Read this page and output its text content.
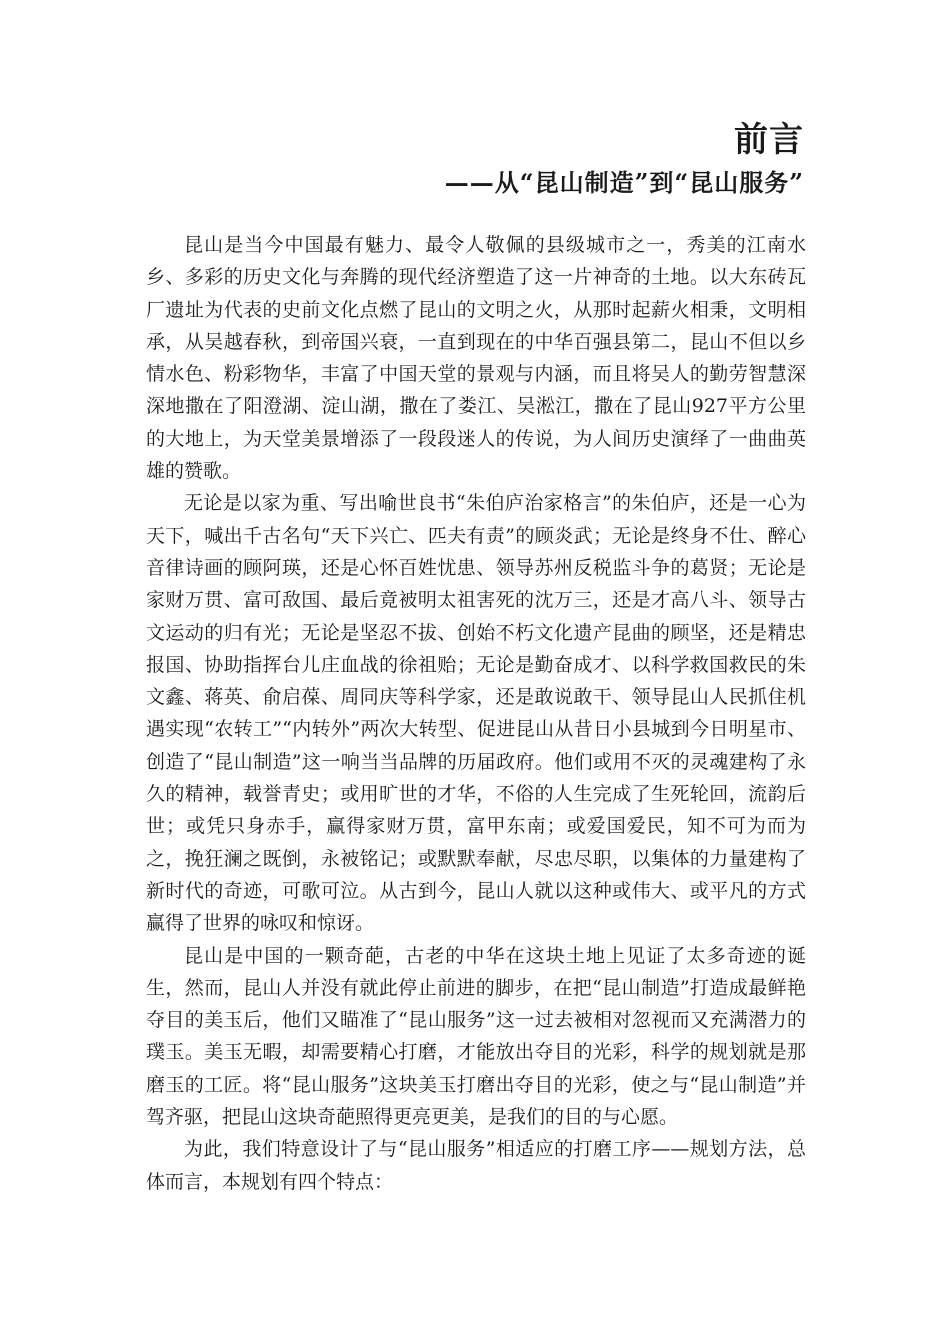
前言
——从“昆山制造”到“昆山服务”

昆山是当今中国最有魅力、最令人敬佩的县级城市之一，秀美的江南水乡、多彩的历史文化与奔腾的现代经济塑造了这一片神奇的土地。以大东砖瓦厂遗址为代表的史前文化点燃了昆山的文明之火，从那时起薪火相秉，文明相承，从吴越春秋，到帝国兴衰，一直到现在的中华百强县第二，昆山不但以乡情水色、粉彩物华，丰富了中国天堂的景观与内涵，而且将吴人的勤劳智慧深深地撒在了阳澄湖、淀山湖，撒在了娄江、吴淞江，撒在了昆山927平方公里的大地上，为天堂美景增添了一段段迷人的传说，为人间历史演绎了一曲曲英雄的赞歌。

无论是以家为重、写出喻世良书“朱伯庐治家格言”的朱伯庐，还是一心为天下，喊出千古名句“天下兴亡、匹夫有责”的顾炎武；无论是终身不仕、醉心音律诗画的顾阿瑛，还是心怀百姓忧患、领导苏州反税监斗争的葛贤；无论是家财万贯、富可敌国、最后竟被明太祖害死的沈万三，还是才高八斗、领导古文运动的归有光；无论是坚忍不拔、创始不朽文化遗产昆曲的顾坚，还是精忠报国、协助指挥台儿庄血战的徐祖贻；无论是勤奋成才、以科学救国救民的朱文鑫、蒋英、俞启葆、周同庆等科学家，还是敢说敢干、领导昆山人民抓住机遇实现“农转工”“内转外”两次大转型、促进昆山从昔日小县城到今日明星市、创造了“昆山制造”这一响当当品牌的历届政府。他们或用不灭的灵魂建构了永久的精神，载誉青史；或用旷世的才华，不俗的人生完成了生死轮回，流韵后世；或凭只身赤手，赢得家财万贯，富甲东南；或爱国爱民，知不可为而为之，挽狂澜之既倒，永被铭记；或默默奉献，尽忠尽职，以集体的力量建构了新时代的奇迹，可歌可泣。从古到今，昆山人就以这种或伟大、或平凡的方式赢得了世界的咏叹和惊讶。

昆山是中国的一颗奇葩，古老的中华在这块土地上见证了太多奇迹的诞生，然而，昆山人并没有就此停止前进的脚步，在把“昆山制造”打造成最鲜艳夺目的美玉后，他们又瞄准了“昆山服务”这一过去被相对忽视而又充满潜力的璞玉。美玉无暇，却需要精心打磨，才能放出夺目的光彩，科学的规划就是那磨玉的工匠。将“昆山服务”这块美玉打磨出夺目的光彩，使之与“昆山制造”并驾齐驱，把昆山这块奇葩照得更亮更美，是我们的目的与心愿。

为此，我们特意设计了与“昆山服务”相适应的打磨工序——规划方法，总体而言，本规划有四个特点：
